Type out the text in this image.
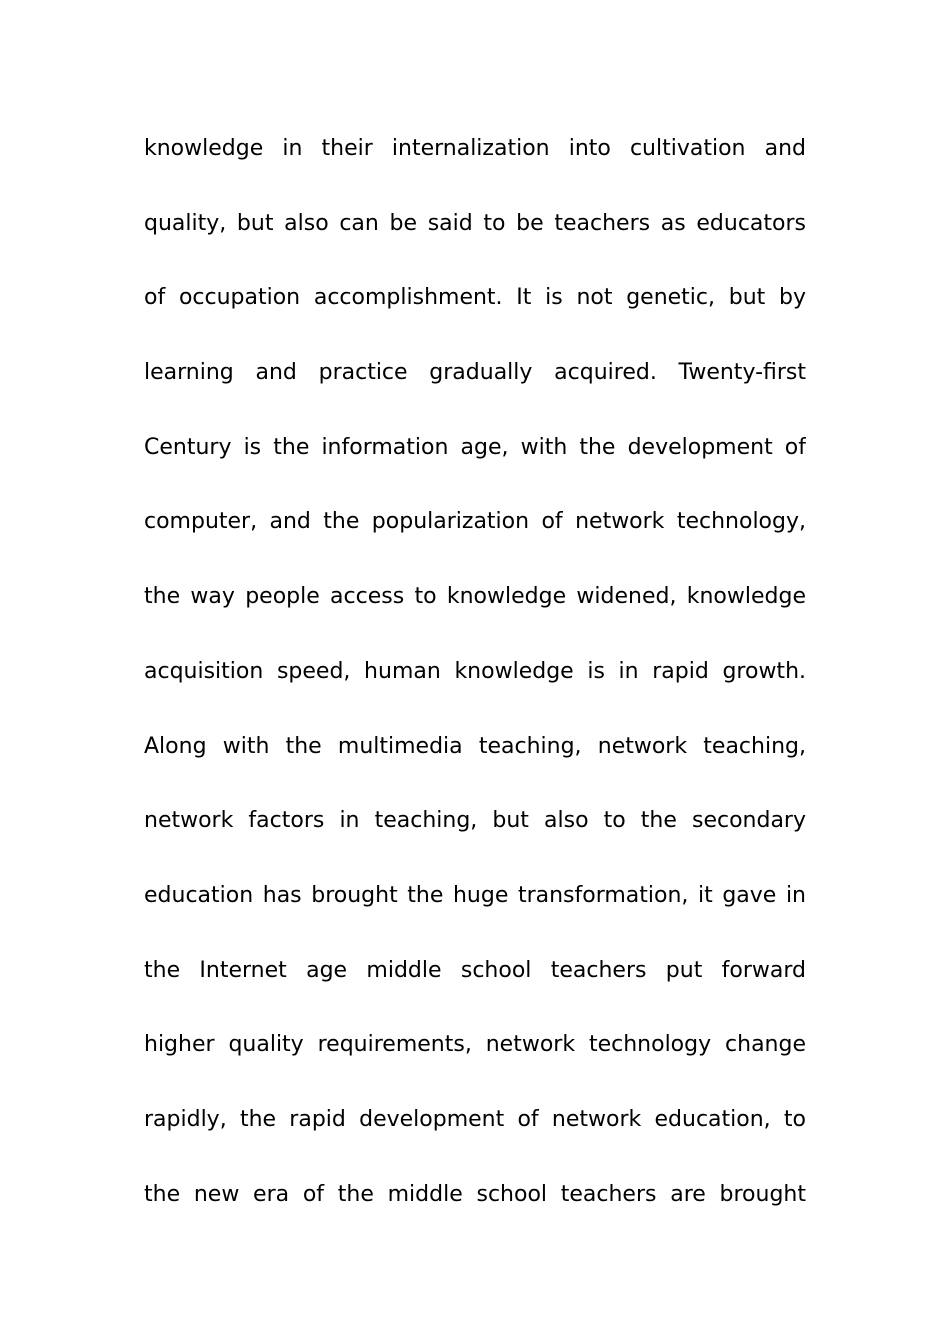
knowledge in their internalization into cultivation and
quality, but also can be said to be teachers as educators
of occupation accomplishment. It is not genetic, but by
learning and practice gradually acquired. Twenty-first
Century is the information age, with the development of
computer, and the popularization of network technology,
the way people access to knowledge widened, knowledge
acquisition speed, human knowledge is in rapid growth.
Along with the multimedia teaching, network teaching,
network factors in teaching, but also to the secondary
education has brought the huge transformation, it gave in
the Internet age middle school teachers put forward
higher quality requirements, network technology change
rapidly, the rapid development of network education, to
the new era of the middle school teachers are brought
